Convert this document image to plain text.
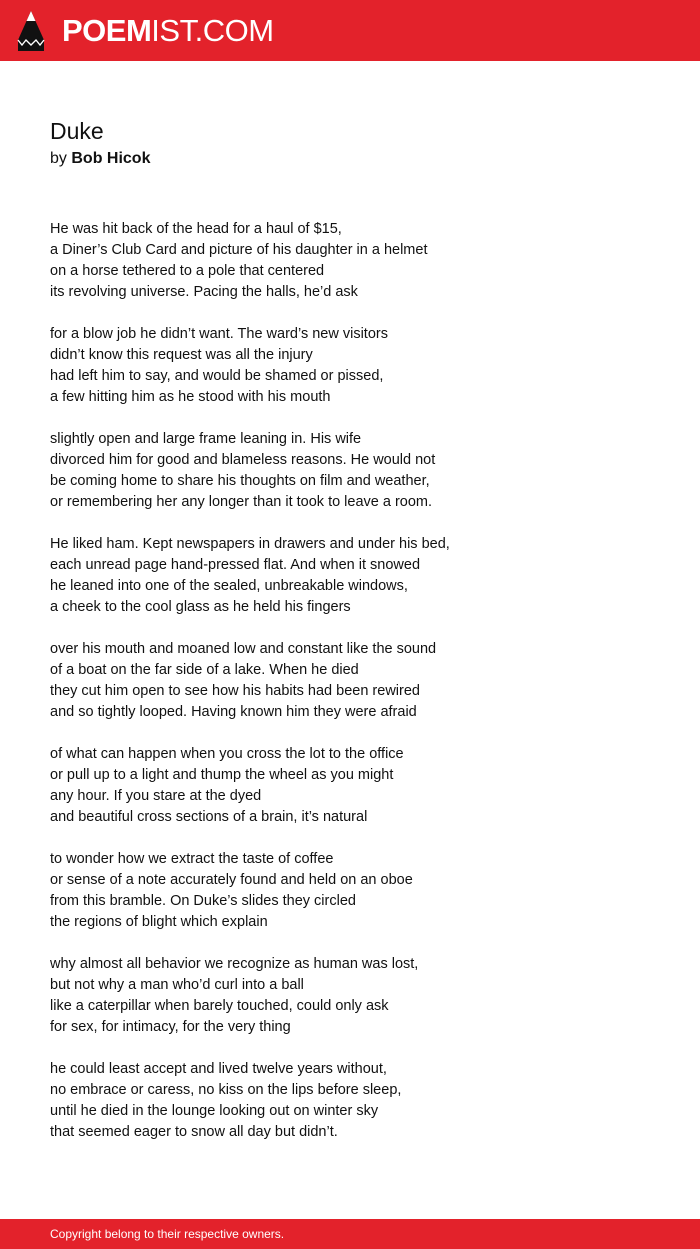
POEMIST.COM
Duke
by Bob Hicok
He was hit back of the head for a haul of $15,
a Diner’s Club Card and picture of his daughter in a helmet
on a horse tethered to a pole that centered
its revolving universe. Pacing the halls, he’d ask
for a blow job he didn’t want. The ward’s new visitors
didn’t know this request was all the injury
had left him to say, and would be shamed or pissed,
a few hitting him as he stood with his mouth
slightly open and large frame leaning in. His wife
divorced him for good and blameless reasons. He would not
be coming home to share his thoughts on film and weather,
or remembering her any longer than it took to leave a room.
He liked ham. Kept newspapers in drawers and under his bed,
each unread page hand-pressed flat. And when it snowed
he leaned into one of the sealed, unbreakable windows,
a cheek to the cool glass as he held his fingers
over his mouth and moaned low and constant like the sound
of a boat on the far side of a lake. When he died
they cut him open to see how his habits had been rewired
and so tightly looped. Having known him they were afraid
of what can happen when you cross the lot to the office
or pull up to a light and thump the wheel as you might
any hour. If you stare at the dyed
and beautiful cross sections of a brain, it’s natural
to wonder how we extract the taste of coffee
or sense of a note accurately found and held on an oboe
from this bramble. On Duke’s slides they circled
the regions of blight which explain
why almost all behavior we recognize as human was lost,
but not why a man who’d curl into a ball
like a caterpillar when barely touched, could only ask
for sex, for intimacy, for the very thing
he could least accept and lived twelve years without,
no embrace or caress, no kiss on the lips before sleep,
until he died in the lounge looking out on winter sky
that seemed eager to snow all day but didn’t.
Copyright belong to their respective owners.
